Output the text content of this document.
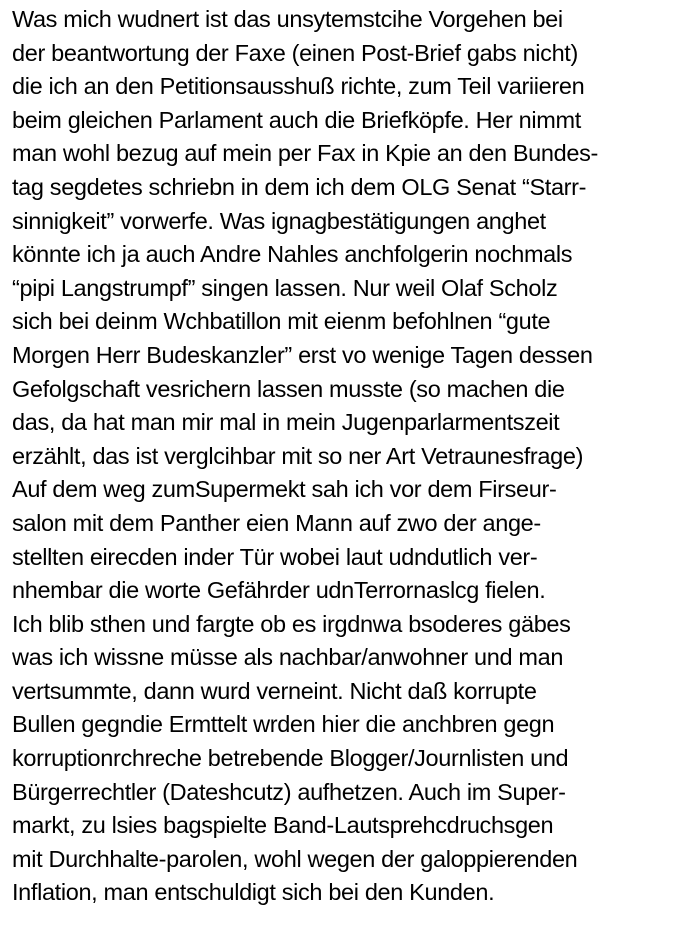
Was mich wudnert ist das unsytemstcihe Vorgehen bei
der beantwortung der Faxe (einen Post-Brief gabs nicht)
die ich an den Petitionsausshuß richte, zum Teil variieren
beim gleichen Parlament auch die Briefköpfe. Her nimmt
man wohl bezug auf mein per Fax in Kpie an den Bundes-
tag segdetes schriebn in dem ich dem OLG Senat “Starr-
sinnigkeit” vorwerfe. Was ignagbestätigungen anghet
könnte ich ja auch Andre Nahles anchfolgerin nochmals
“pipi Langstrumpf” singen lassen. Nur weil Olaf Scholz
sich bei deinm Wchbatillon mit eienm befohlnen “gute
Morgen Herr Budeskanzler” erst vo wenige Tagen dessen
Gefolgschaft vesrichern lassen musste (so machen die
das, da hat man mir mal in mein Jugenparlarmentszeit
erzählt, das ist verglcihbar mit so ner Art Vetraunesfrage)
Auf dem weg zumSupermekt sah ich vor dem Firseur-
salon mit dem Panther eien Mann auf zwo der ange-
stellten eirecden inder Tür wobei laut udndutlich ver-
nhembar die worte Gefährder udnTerrornaslcg fielen.
Ich blib sthen und fargte ob es irgdnwa bsoderes gäbes
was ich wissne müsse als nachbar/anwohner und man
vertsummte, dann wurd verneint. Nicht daß korrupte
Bullen gegndie Ermttelt wrden hier die anchbren gegn
korruptionrchreche betrebende Blogger/Journlisten und
Bürgerrechtler (Dateshcutz) aufhetzen. Auch im Super-
markt, zu lsies bagspielte Band-Lautsprehcdruchsgen
mit Durchhalte-parolen, wohl wegen der galoppierenden
Inflation, man entschuldigt sich bei den Kunden.
